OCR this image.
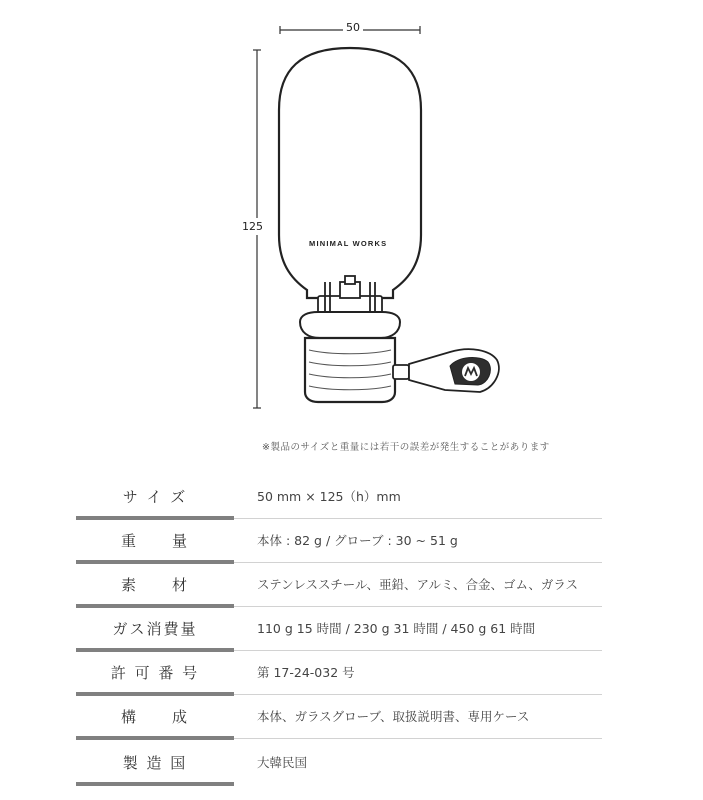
50
125
MINIMAL WORKS
※製品のサイズと重量には若干の誤差が発生することがあります
サ イ ズ	50 mm × 125（h）mm
重　　量	本体 : 82 g / グローブ : 30 ~ 51 g
素　　材	ステンレススチール、亜鉛、アルミ、合金、ゴム、ガラス
ガス消費量	110 g 15 時間 / 230 g 31 時間 / 450 g 61 時間
許 可 番 号	第 17-24-032 号
構　　成	本体、ガラスグローブ、取扱説明書、専用ケース
製 造 国	大韓民国
